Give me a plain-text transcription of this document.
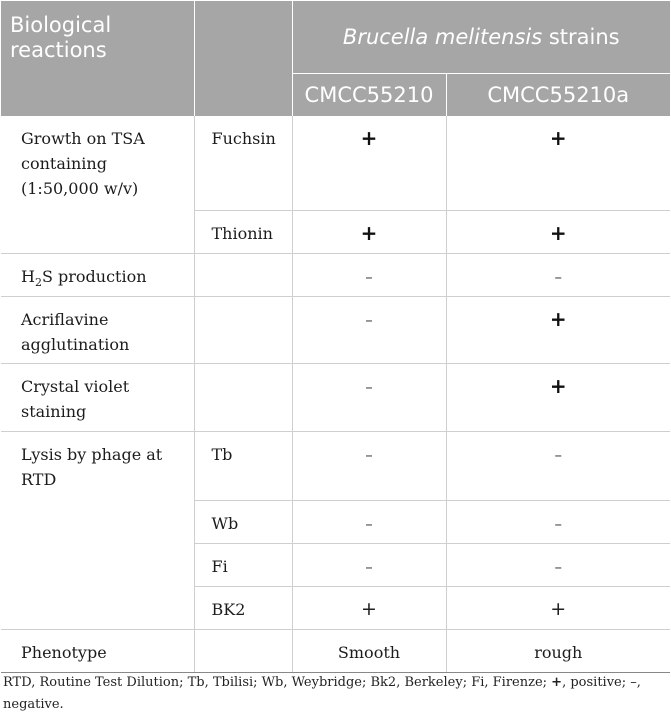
Biological
reactions		Brucella melitensis strains	
		CMCC55210	CMCC55210a

Growth on TSA
containing
(1:50,000 w/v)	Fuchsin	+	+
	Thionin	+	+
$H_2S$ production		–	–

Acriflavine
agglutination		–	+

Crystal violet
staining		–	+

Lysis by phage at
RTD	Tb	–	–
	Wb	–	–
	Fi	–	–
	BK2	+	+
Phenotype		Smooth	rough
RTD, Routine Test Dilution; Tb, Tbilisi; Wb, Weybridge; Bk2, Berkeley; Fi, Firenze; +, positive; –, negative.
